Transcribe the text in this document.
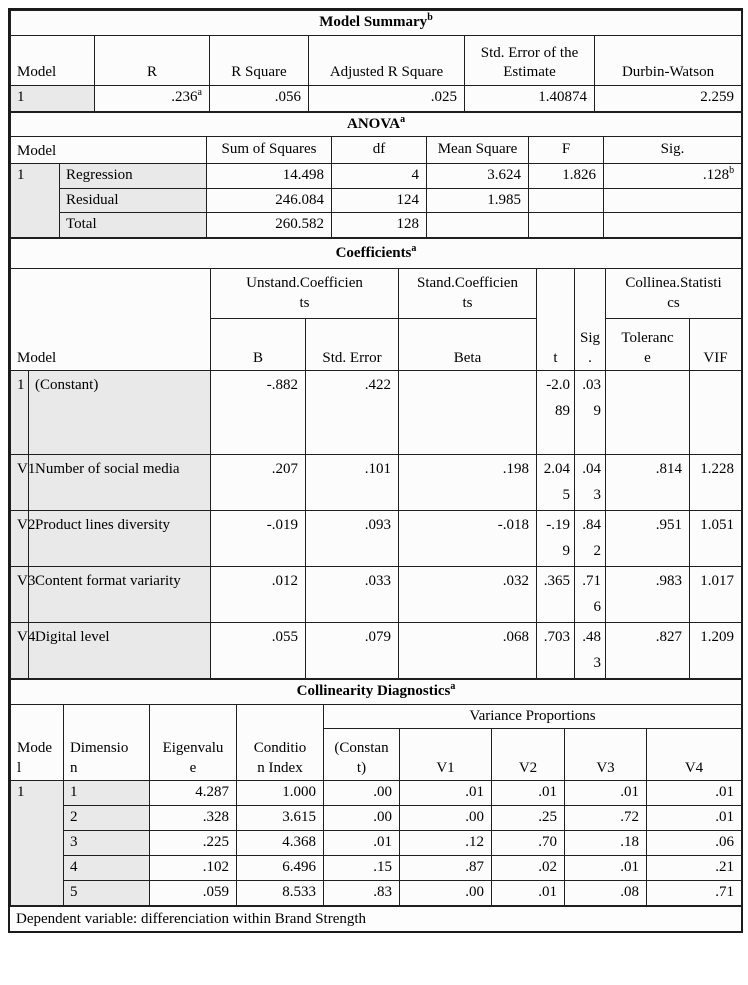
Model Summary$^b$
Model	R	R Square	Adjusted R Square	Std. Error of the Estimate	Durbin-Watson
1	.236$^a$	.056	.025	1.40874	2.259
ANOVA$^a$
Model		Sum of Squares	df	Mean Square	F	Sig.
1	Regression	14.498	4	3.624	1.826	.128$^b$
	Residual	246.084	124	1.985		
	Total	260.582	128			
Coefficients$^a$
Model		Unstand.Coefficients		Stand.Coefficients	t	Sig.	Collinea.Statistics	
		B	Std. Error	Beta			Tolerance	VIF
1	(Constant)	-.882	.422		-2.089	.039		
V1	Number of social media	.207	.101	.198	2.045	.043	.814	1.228
V2	Product lines diversity	-.019	.093	-.018	-.199	.842	.951	1.051
V3	Content format variarity	.012	.033	.032	.365	.716	.983	1.017
V4	Digital level	.055	.079	.068	.703	.483	.827	1.209
Collinearity Diagnostics$^a$
Model	Dimension	Eigenvalue	Condition Index	Variance Proportions				
				(Constant)	V1	V2	V3	V4
1	1	4.287	1.000	.00	.01	.01	.01	.01
	2	.328	3.615	.00	.00	.25	.72	.01
	3	.225	4.368	.01	.12	.70	.18	.06
	4	.102	6.496	.15	.87	.02	.01	.21
	5	.059	8.533	.83	.00	.01	.08	.71
Dependent variable: differenciation within Brand Strength
